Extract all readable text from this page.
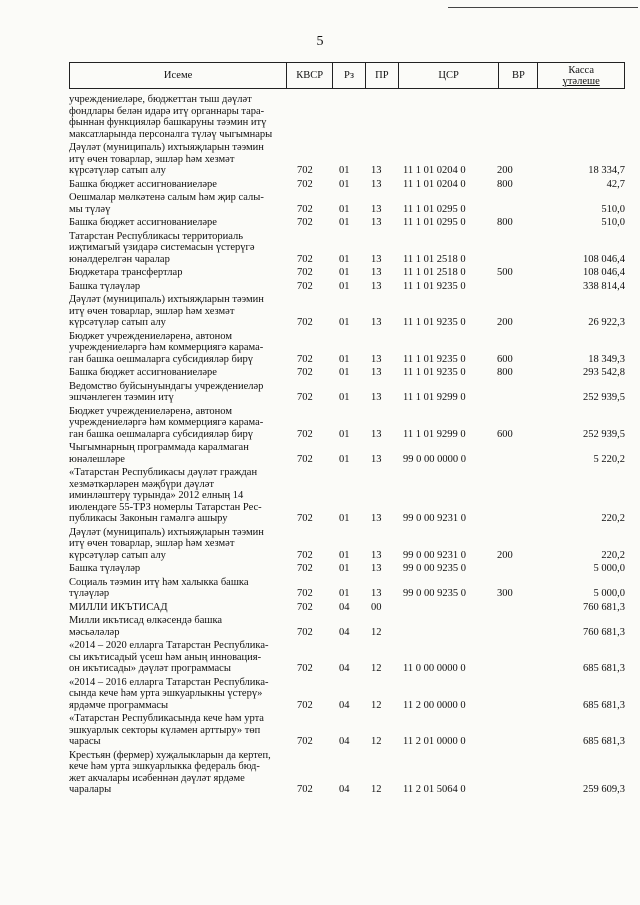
5
Исеме	КВСР	Рз	ПР	ЦСР	ВР	Касса
үтәлеше
учреждениеләре, бюджеттан тыш дәүләт
фондлары белән идарә итү органнары тара-
фыннан функцияләр башкаруны тәэмин итү
максатларында персоналга түләү чыгымнары
Дәүләт (муниципаль) ихтыяҗларын тәэмин
итү өчен товарлар, эшләр һәм хезмәт
күрсәтүләр сатып алу	702	01 13 11 1 01 0204 0	200	18 334,7
Башка бюджет ассигнованиеләре	702	01 13 11 1 01 0204 0	800	42,7
Оешмалар мөлкәтенә салым һәм җир салы-
мы түләү	702	01 13 11 1 01 0295 0	510,0
Башка бюджет ассигнованиеләре	702	01 13 11 1 01 0295 0	800	510,0
Татарстан Республикасы территориаль
иҗтимагый үзидарә системасын үстерүгә
юнәлдерелгән чаралар	702	01 13 11 1 01 2518 0	108 046,4
Бюджетара трансфертлар	702	01 13 11 1 01 2518 0	500	108 046,4
Башка түләүләр	702	01 13 11 1 01 9235 0	338 814,4
Дәүләт (муниципаль) ихтыяҗларын тәэмин
итү өчен товарлар, эшләр һәм хезмәт
күрсәтүләр сатып алу	702	01 13 11 1 01 9235 0	200	26 922,3
Бюджет учреждениеләренә, автоном
учреждениеләргә һәм коммерциягә карама-
ган башка оешмаларга субсидияләр бирү	702	01 13 11 1 01 9235 0	600	18 349,3
Башка бюджет ассигнованиеләре	702	01 13 11 1 01 9235 0	800	293 542,8
Ведомство буйсынуындагы учреждениеләр
эшчәнлеген тәэмин итү	702	01 13 11 1 01 9299 0	252 939,5
Бюджет учреждениеләренә, автоном
учреждениеләргә һәм коммерциягә карама-
ган башка оешмаларга субсидияләр бирү	702	01 13 11 1 01 9299 0	600	252 939,5
Чыгымнарның программада каралмаган
юнәлешләре	702	01 13 99 0 00 0000 0	5 220,2
«Татарстан Республикасы дәүләт граждан
хезмәткәрләрен мәҗбүри дәүләт
иминләштерү турында» 2012 елның 14
июлендәге 55-ТРЗ номерлы Татарстан Рес-
публикасы Законын гамәлгә ашыру	702	01 13 99 0 00 9231 0	220,2
Дәүләт (муниципаль) ихтыяҗларын тәэмин
итү өчен товарлар, эшләр һәм хезмәт
күрсәтүләр сатып алу	702	01 13 99 0 00 9231 0	200	220,2
Башка түләүләр	702	01 13 99 0 00 9235 0	5 000,0
Социаль тәэмин итү һәм халыкка башка
түләүләр	702	01 13 99 0 00 9235 0	300	5 000,0
МИЛЛИ ИКЪТИСАД	702	04 00	760 681,3
Милли икътисад өлкәсендә башка
мәсьәләләр	702	04 12	760 681,3
«2014 – 2020 елларга Татарстан Республика-
сы икътисадый үсеш һәм аның инновация-
он икътисады» дәүләт программасы	702	04 12 11 0 00 0000 0	685 681,3
«2014 – 2016 елларга Татарстан Республика-
сында кече һәм урта эшкуарлыкны үстерү»
ярдәмче программасы	702	04 12 11 2 00 0000 0	685 681,3
«Татарстан Республикасында кече һәм урта
эшкуарлык секторы күләмен арттыру» төп
чарасы	702	04 12 11 2 01 0000 0	685 681,3
Крестьян (фермер) хуҗалыкларын да кертеп,
кече һәм урта эшкуарлыкка федераль бюд-
жет акчалары исәбеннән дәүләт ярдәме
чаралары	702	04 12 11 2 01 5064 0	259 609,3
